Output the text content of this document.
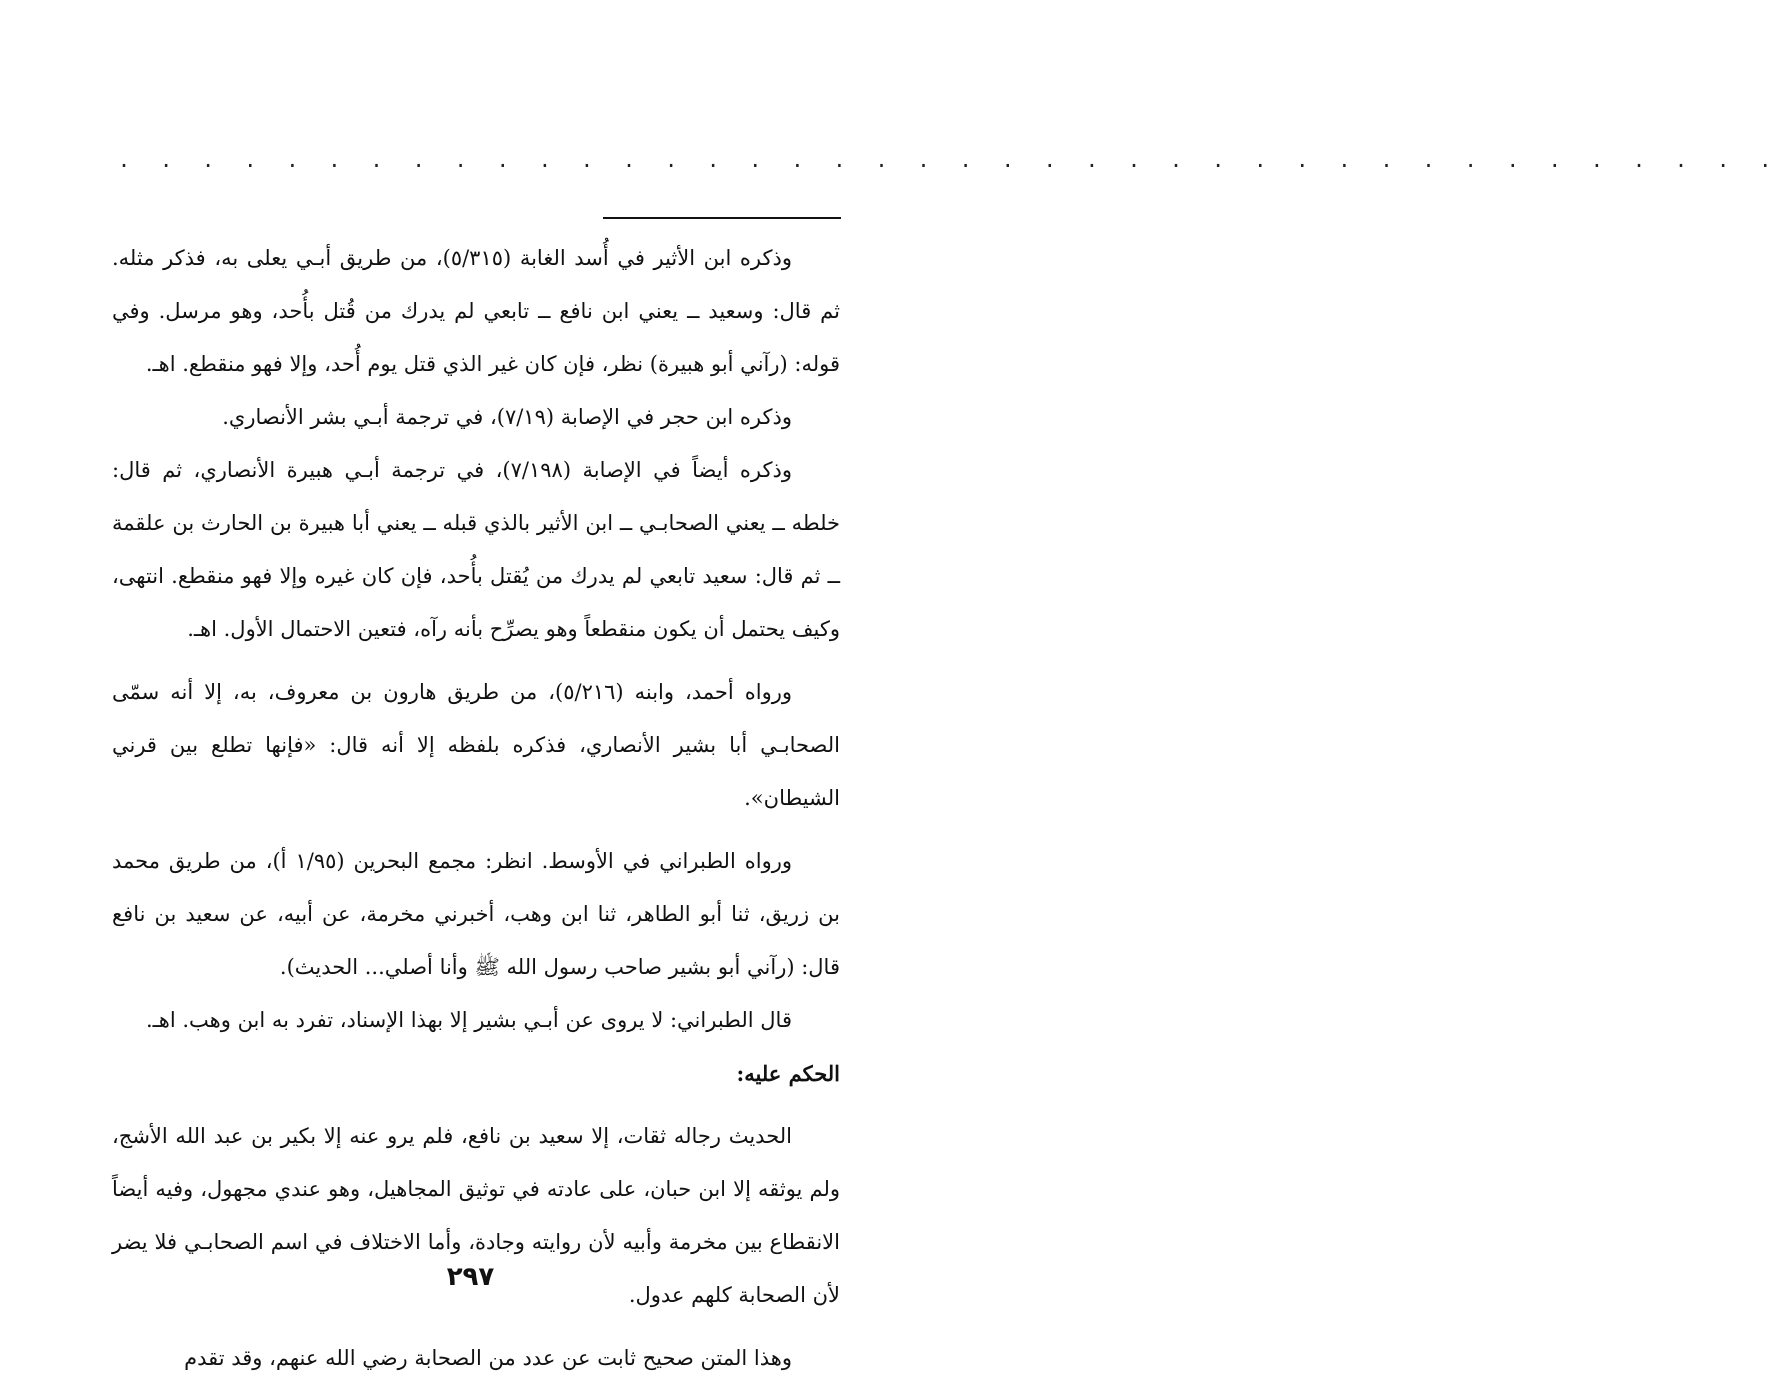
. . . . . . . . . . . . . . . . . . . . . . . . . . . . . . . . . . . . . . . .

وذكره ابن الأثير في أُسد الغابة (٥/٣١٥)، من طريق أبـي يعلى به، فذكر مثله. ثم قال: وسعيد ــ يعني ابن نافع ــ تابعي لم يدرك من قُتل بأُحد، وهو مرسل. وفي قوله: (رآني أبو هبيرة) نظر، فإن كان غير الذي قتل يوم أُحد، وإلا فهو منقطع. اهـ.

وذكره ابن حجر في الإصابة (٧/١٩)، في ترجمة أبـي بشر الأنصاري.

وذكره أيضاً في الإصابة (٧/١٩٨)، في ترجمة أبـي هبيرة الأنصاري، ثم قال: خلطه ــ يعني الصحابـي ــ ابن الأثير بالذي قبله ــ يعني أبا هبيرة بن الحارث بن علقمة ــ ثم قال: سعيد تابعي لم يدرك من يُقتل بأُحد، فإن كان غيره وإلا فهو منقطع. انتهى، وكيف يحتمل أن يكون منقطعاً وهو يصرِّح بأنه رآه، فتعين الاحتمال الأول. اهـ.

ورواه أحمد، وابنه (٥/٢١٦)، من طريق هارون بن معروف، به، إلا أنه سمّى الصحابـي أبا بشير الأنصاري، فذكره بلفظه إلا أنه قال: «فإنها تطلع بين قرني الشيطان».

ورواه الطبراني في الأوسط. انظر: مجمع البحرين (١/٩٥ أ)، من طريق محمد بن زريق، ثنا أبو الطاهر، ثنا ابن وهب، أخبرني مخرمة، عن أبيه، عن سعيد بن نافع قال: (رآني أبو بشير صاحب رسول الله ﷺ وأنا أصلي... الحديث).

قال الطبراني: لا يروى عن أبـي بشير إلا بهذا الإسناد، تفرد به ابن وهب. اهـ.

الحكم عليه:

الحديث رجاله ثقات، إلا سعيد بن نافع، فلم يرو عنه إلا بكير بن عبد الله الأشج، ولم يوثقه إلا ابن حبان، على عادته في توثيق المجاهيل، وهو عندي مجهول، وفيه أيضاً الانقطاع بين مخرمة وأبيه لأن روايته وجادة، وأما الاختلاف في اسم الصحابـي فلا يضر لأن الصحابة كلهم عدول.

وهذا المتن صحيح ثابت عن عدد من الصحابة رضي الله عنهم، وقد تقدم

٢٩٧
